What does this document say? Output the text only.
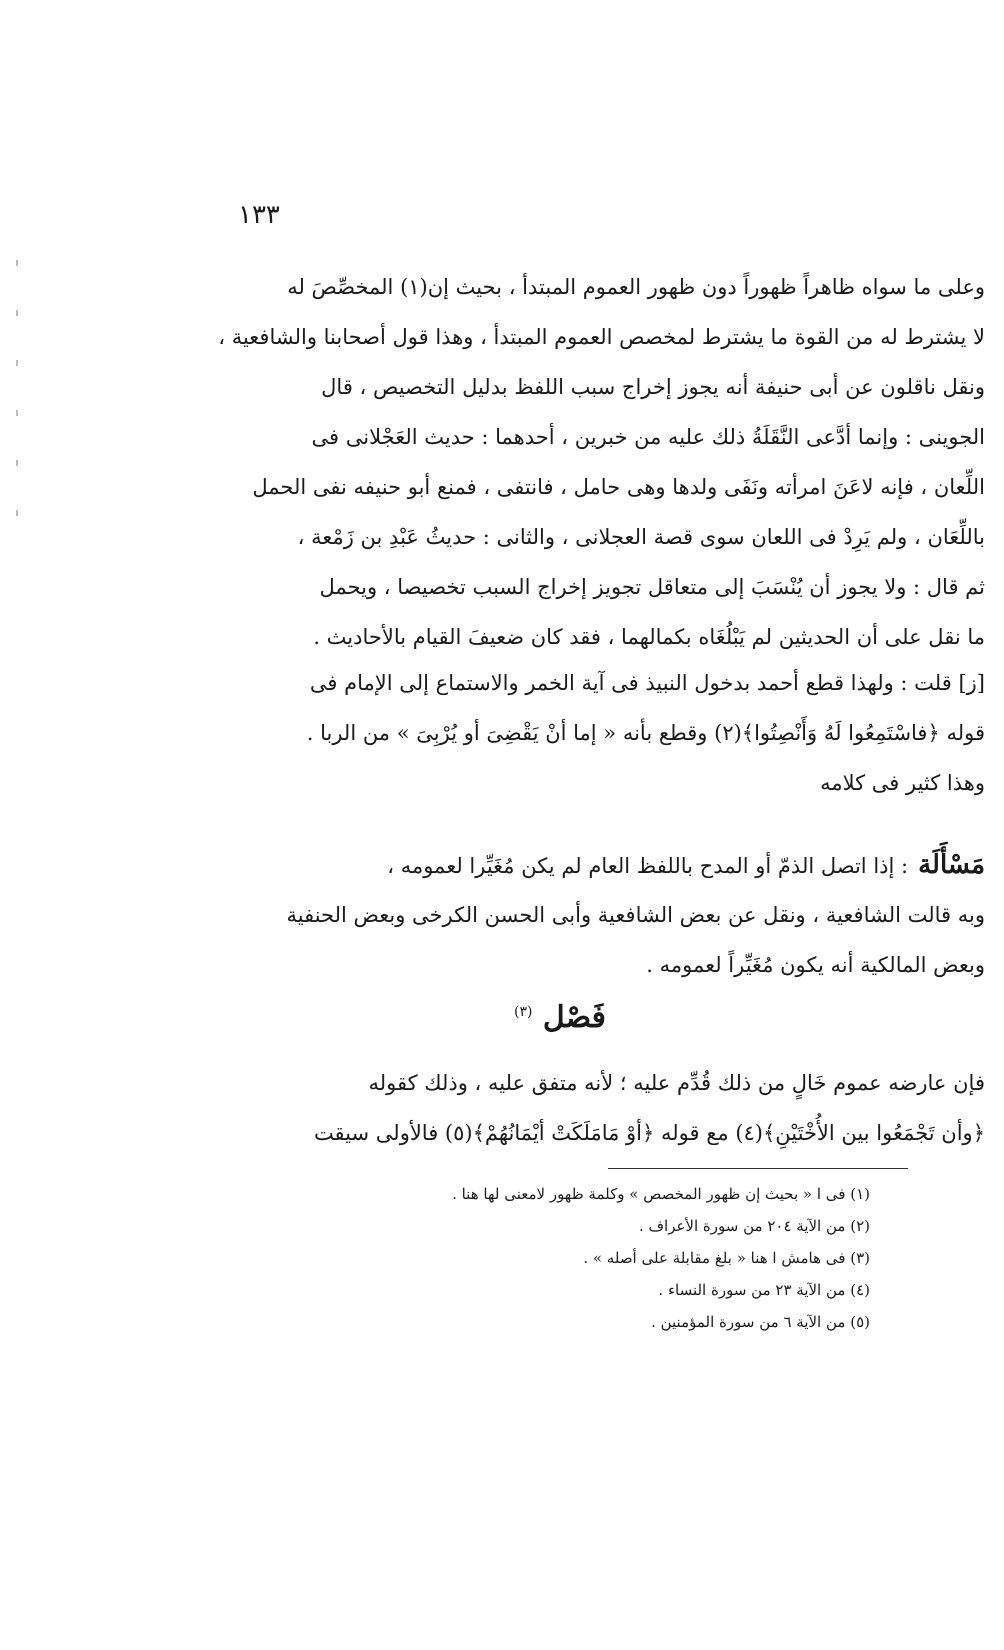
١٣٣
وعلى ما سواه ظاهراً ظهوراً دون ظهور العموم المبتدأ ، بحيث إن(١) المخصِّصَ له
لا يشترط له من القوة ما يشترط لمخصص العموم المبتدأ ، وهذا قول أصحابنا والشافعية ،
ونقل ناقلون عن أبى حنيفة أنه يجوز إخراج سبب اللفظ بدليل التخصيص ، قال
الجوينى : وإنما أدَّعى النَّقَلَةُ ذلك عليه من خبرين ، أحدهما : حديث العَجْلانى فى
اللِّعان ، فإنه لاعَنَ امرأته ونَفَى ولدها وهى حامل ، فانتفى ، فمنع أبو حنيفه نفى الحمل
باللِّعَان ، ولم يَرِدْ فى اللعان سوى قصة العجلانى ، والثانى : حديثُ عَبْدِ بن زَمْعة ،
ثم قال : ولا يجوز أن يُنْسَبَ إلى متعاقل تجويز إخراج السبب تخصيصا ، ويحمل
ما نقل على أن الحديثين لم يَبْلُغَاه بكمالهما ، فقد كان ضعيفَ القيام بالأحاديث .
[ز] قلت : ولهذا قطع أحمد بدخول النبيذ فى آية الخمر والاستماع إلى الإمام فى
قوله ﴿فاسْتَمِعُوا لَهُ وَأَنْصِتُوا﴾(٢) وقطع بأنه « إما أنْ يَقْضِىَ أو يُرْبِىَ » من الربا .
وهذا كثير فى كلامه
مَسْأَلَة: إذا اتصل الذمّ أو المدح باللفظ العام لم يكن مُغَيِّرا لعمومه ،
وبه قالت الشافعية ، ونقل عن بعض الشافعية وأبى الحسن الكرخى وبعض الحنفية
وبعض المالكية أنه يكون مُغَيِّراً لعمومه .
فَصْل $^{(٣)}$
فإن عارضه عموم خَالٍ من ذلك قُدِّم عليه ؛ لأنه متفق عليه ، وذلك كقوله
﴿وأن تَجْمَعُوا بين الأُخْتَيْنِ﴾(٤) مع قوله ﴿أوْ مَامَلَكَتْ أيْمَانُهُمْ﴾(٥) فالأولى سيقت
(١) فى ا « بحيث إن ظهور المخصص » وكلمة ظهور لامعنى لها هنا .
(٢) من الآية ٢٠٤ من سورة الأعراف .
(٣) فى هامش ا هنا « بلغ مقابلة على أصله » .
(٤) من الآية ٢٣ من سورة النساء .
(٥) من الآية ٦ من سورة المؤمنين .
